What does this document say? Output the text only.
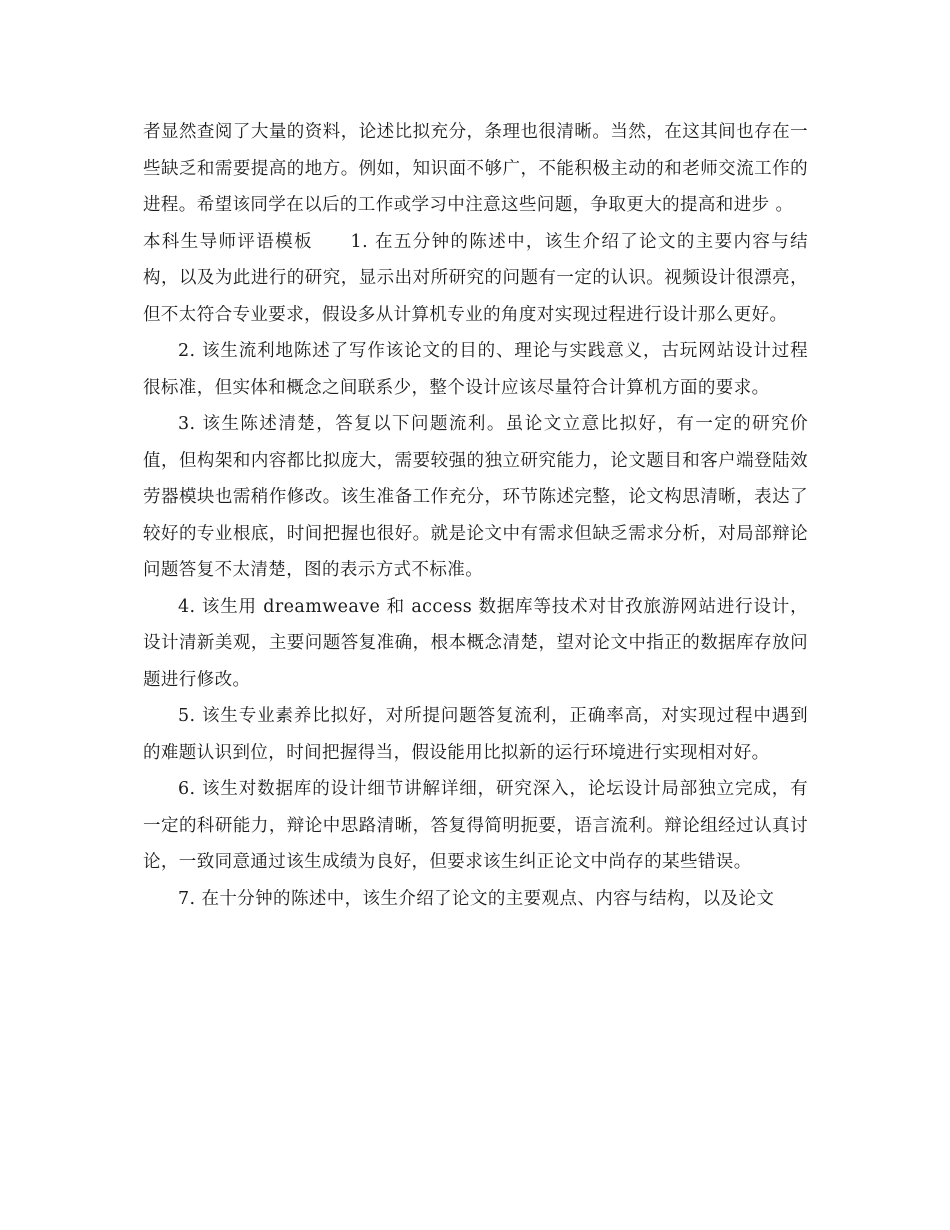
者显然查阅了大量的资料，论述比拟充分，条理也很清晰。当然，在这其间也存在一些缺乏和需要提高的地方。例如，知识面不够广，不能积极主动的和老师交流工作的进程。希望该同学在以后的工作或学习中注意这些问题，争取更大的提高和进步 。

本科生导师评语模板　　1. 在五分钟的陈述中，该生介绍了论文的主要内容与结构，以及为此进行的研究，显示出对所研究的问题有一定的认识。视频设计很漂亮，但不太符合专业要求，假设多从计算机专业的角度对实现过程进行设计那么更好。

2. 该生流利地陈述了写作该论文的目的、理论与实践意义，古玩网站设计过程很标准，但实体和概念之间联系少，整个设计应该尽量符合计算机方面的要求。

3. 该生陈述清楚，答复以下问题流利。虽论文立意比拟好，有一定的研究价值，但构架和内容都比拟庞大，需要较强的独立研究能力，论文题目和客户端登陆效劳器模块也需稍作修改。该生准备工作充分，环节陈述完整，论文构思清晰，表达了较好的专业根底，时间把握也很好。就是论文中有需求但缺乏需求分析，对局部辩论问题答复不太清楚，图的表示方式不标准。

4. 该生用 dreamweave 和 access 数据库等技术对甘孜旅游网站进行设计，设计清新美观，主要问题答复准确，根本概念清楚，望对论文中指正的数据库存放问题进行修改。

5. 该生专业素养比拟好，对所提问题答复流利，正确率高，对实现过程中遇到的难题认识到位，时间把握得当，假设能用比拟新的运行环境进行实现相对好。

6. 该生对数据库的设计细节讲解详细，研究深入，论坛设计局部独立完成，有一定的科研能力，辩论中思路清晰，答复得简明扼要，语言流利。辩论组经过认真讨论，一致同意通过该生成绩为良好，但要求该生纠正论文中尚存的某些错误。

7. 在十分钟的陈述中，该生介绍了论文的主要观点、内容与结构，以及论文
